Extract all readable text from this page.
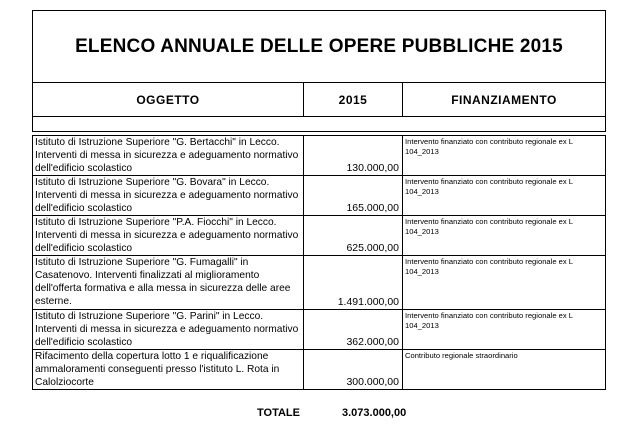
ELENCO ANNUALE DELLE OPERE PUBBLICHE 2015
OGGETTO	2015	FINANZIAMENTO
Istituto di Istruzione Superiore "G. Bertacchi" in Lecco. Interventi di messa in sicurezza e adeguamento normativo dell'edificio scolastico	130.000,00	Intervento finanziato con contributo regionale ex L 104_2013
Istituto di Istruzione Superiore "G. Bovara" in Lecco. Interventi di messa in sicurezza e adeguamento normativo dell'edificio scolastico	165.000,00	Intervento finanziato con contributo regionale ex L 104_2013
Istituto di Istruzione Superiore "P.A. Fiocchi" in Lecco. Interventi di messa in sicurezza e adeguamento normativo dell'edificio scolastico	625.000,00	Intervento finanziato con contributo regionale ex L 104_2013
Istituto di Istruzione Superiore "G. Fumagalli" in Casatenovo. Interventi finalizzati al miglioramento dell'offerta formativa e alla messa in sicurezza delle aree esterne.	1.491.000,00	Intervento finanziato con contributo regionale ex L 104_2013
Istituto di Istruzione Superiore "G. Parini" in Lecco. Interventi di messa in sicurezza e adeguamento normativo dell'edificio scolastico	362.000,00	Intervento finanziato con contributo regionale ex L 104_2013
Rifacimento della copertura lotto 1 e riqualificazione ammaloramenti conseguenti presso l'istituto L. Rota in Calolziocorte	300.000,00	Contributo regionale straordinario
TOTALE	3.073.000,00
